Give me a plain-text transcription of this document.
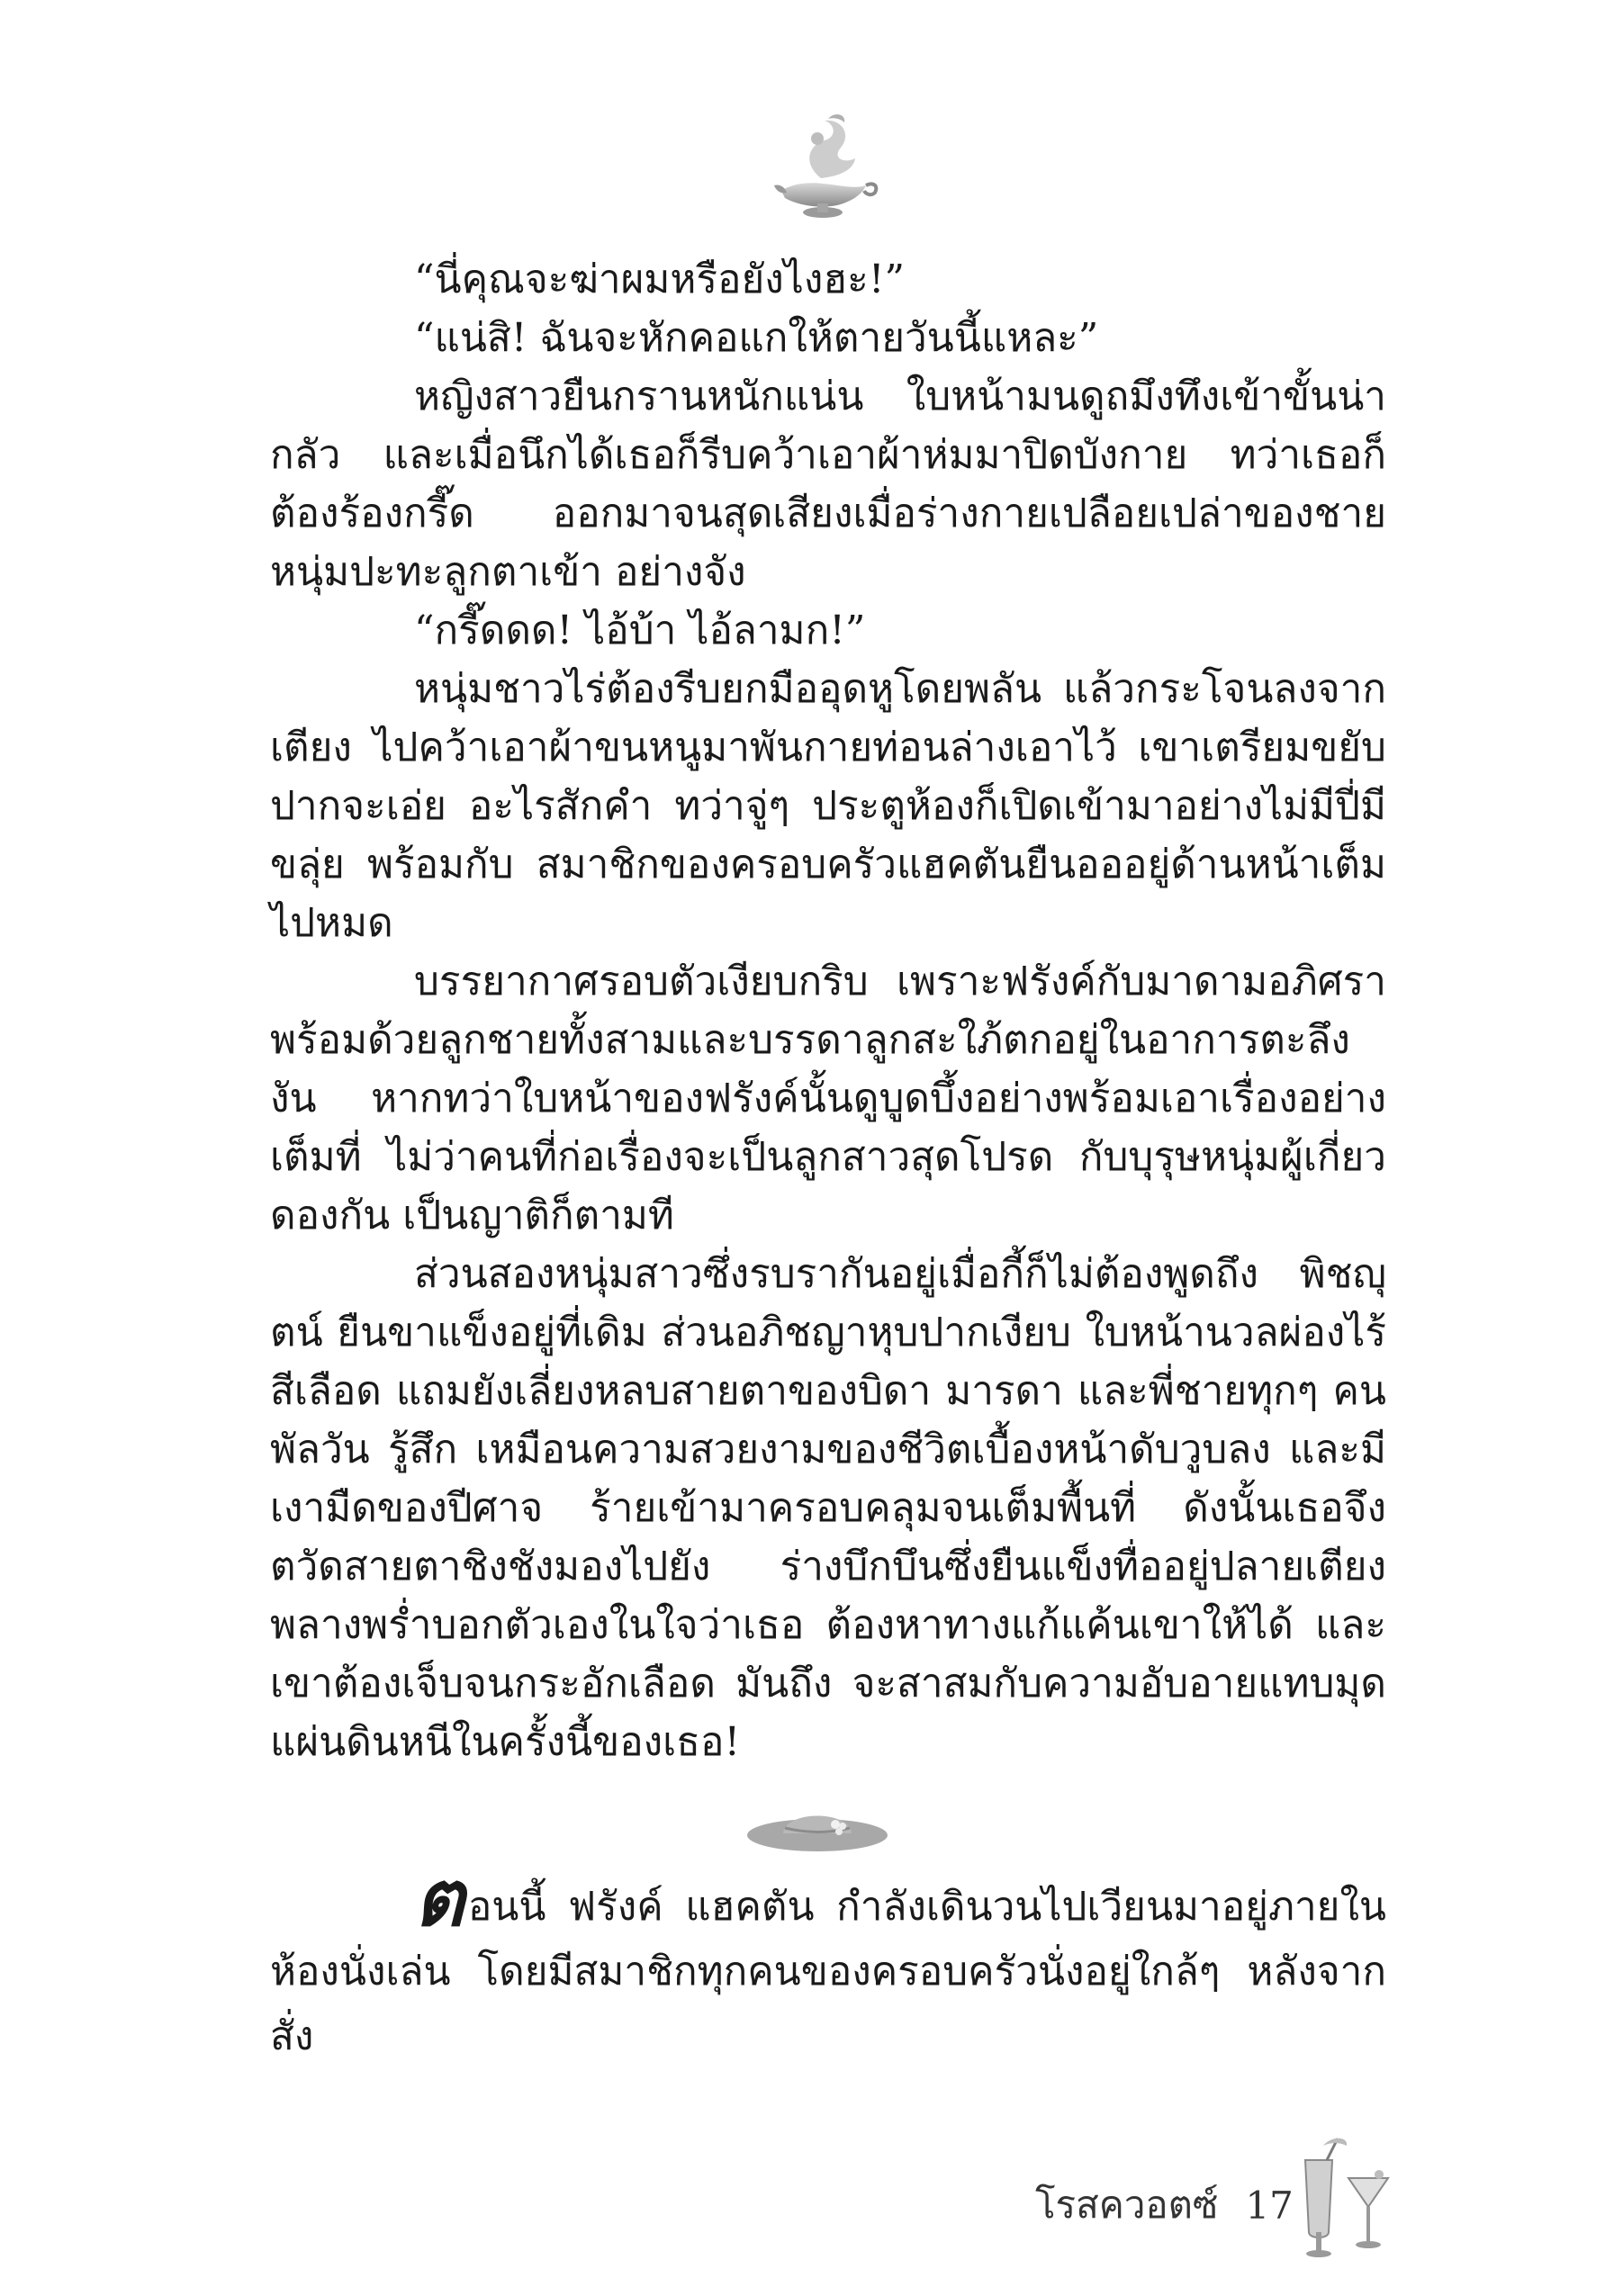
“นี่คุณจะฆ่าผมหรือยังไงฮะ!”

“แน่สิ! ฉันจะหักคอแกให้ตายวันนี้แหละ”

หญิงสาวยืนกรานหนักแน่น ใบหน้ามนดูถมึงทึงเข้าขั้นน่ากลัว และเมื่อนึกได้เธอก็รีบคว้าเอาผ้าห่มมาปิดบังกาย ทว่าเธอก็ต้องร้องกรี๊ด ออกมาจนสุดเสียงเมื่อร่างกายเปลือยเปล่าของชายหนุ่มปะทะลูกตาเข้า อย่างจัง

“กรี๊ดดด! ไอ้บ้า ไอ้ลามก!”

หนุ่มชาวไร่ต้องรีบยกมืออุดหูโดยพลัน แล้วกระโจนลงจากเตียง ไปคว้าเอาผ้าขนหนูมาพันกายท่อนล่างเอาไว้ เขาเตรียมขยับปากจะเอ่ย อะไรสักคำ ทว่าจู่ๆ ประตูห้องก็เปิดเข้ามาอย่างไม่มีปี่มีขลุ่ย พร้อมกับ สมาชิกของครอบครัวแฮคตันยืนอออยู่ด้านหน้าเต็มไปหมด

บรรยากาศรอบตัวเงียบกริบ เพราะฟรังค์กับมาดามอภิศรา พร้อมด้วยลูกชายทั้งสามและบรรดาลูกสะใภ้ตกอยู่ในอาการตะลึงงัน หากทว่าใบหน้าของฟรังค์นั้นดูบูดบึ้งอย่างพร้อมเอาเรื่องอย่างเต็มที่ ไม่ว่าคนที่ก่อเรื่องจะเป็นลูกสาวสุดโปรด กับบุรุษหนุ่มผู้เกี่ยวดองกัน เป็นญาติก็ตามที

ส่วนสองหนุ่มสาวซึ่งรบรากันอยู่เมื่อกี้ก็ไม่ต้องพูดถึง พิชญุตน์ ยืนขาแข็งอยู่ที่เดิม ส่วนอภิชญาหุบปากเงียบ ใบหน้านวลผ่องไร้สีเลือด แถมยังเลี่ยงหลบสายตาของบิดา มารดา และพี่ชายทุกๆ คนพัลวัน รู้สึก เหมือนความสวยงามของชีวิตเบื้องหน้าดับวูบลง และมีเงามืดของปีศาจ ร้ายเข้ามาครอบคลุมจนเต็มพื้นที่ ดังนั้นเธอจึงตวัดสายตาชิงชังมองไปยัง ร่างบึกบึนซึ่งยืนแข็งทื่ออยู่ปลายเตียง พลางพร่ำบอกตัวเองในใจว่าเธอ ต้องหาทางแก้แค้นเขาให้ได้ และเขาต้องเจ็บจนกระอักเลือด มันถึง จะสาสมกับความอับอายแทบมุดแผ่นดินหนีในครั้งนี้ของเธอ!

ตอนนี้ ฟรังค์ แฮคตัน กำลังเดินวนไปเวียนมาอยู่ภายใน ห้องนั่งเล่น โดยมีสมาชิกทุกคนของครอบครัวนั่งอยู่ใกล้ๆ หลังจากสั่ง

โรสควอตซ์ 17
